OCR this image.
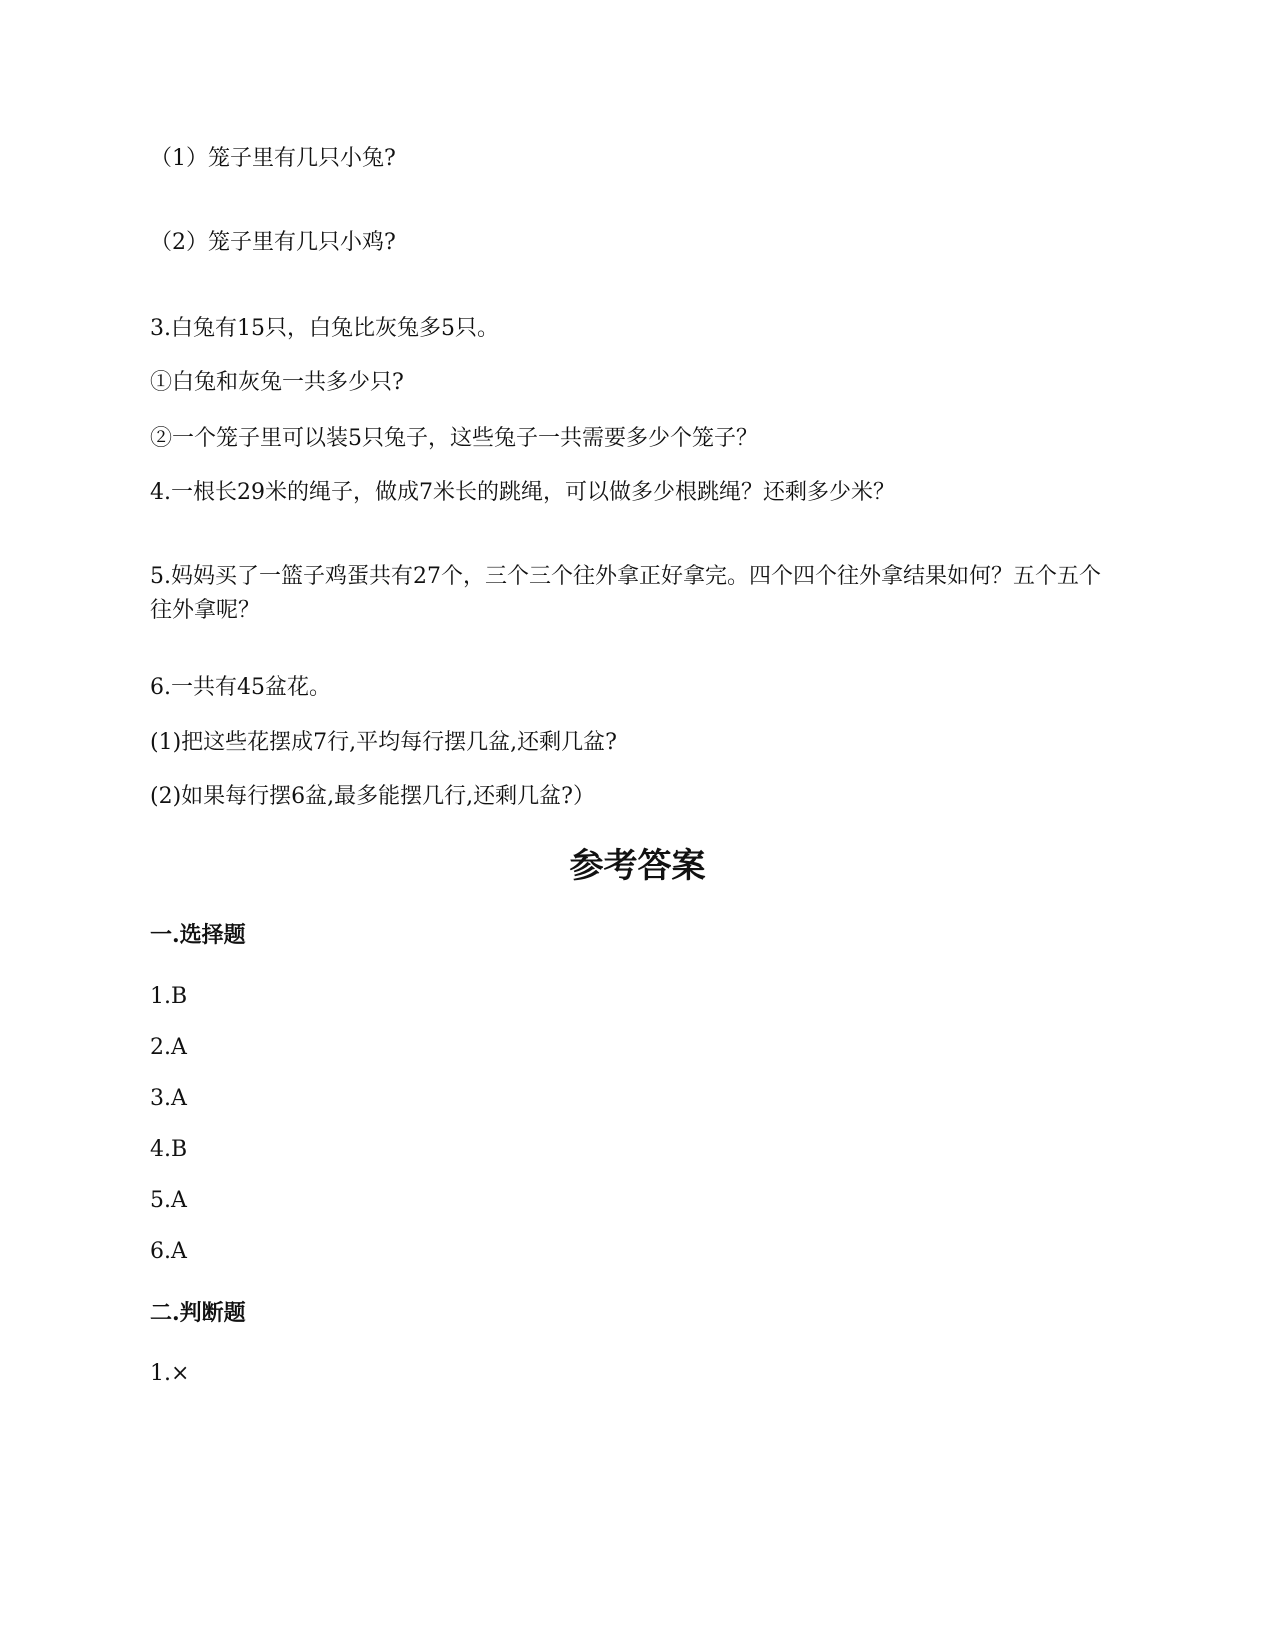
（1）笼子里有几只小兔?
（2）笼子里有几只小鸡?
3.白兔有15只，白兔比灰兔多5只。
①白兔和灰兔一共多少只?
②一个笼子里可以装5只兔子，这些兔子一共需要多少个笼子？
4.一根长29米的绳子，做成7米长的跳绳，可以做多少根跳绳？还剩多少米？
5.妈妈买了一篮子鸡蛋共有27个，三个三个往外拿正好拿完。四个四个往外拿结果如何？五个五个往外拿呢？
6.一共有45盆花。
(1)把这些花摆成7行,平均每行摆几盆,还剩几盆?
(2)如果每行摆6盆,最多能摆几行,还剩几盆?）
参考答案
一.选择题
1.B
2.A
3.A
4.B
5.A
6.A
二.判断题
1.×
